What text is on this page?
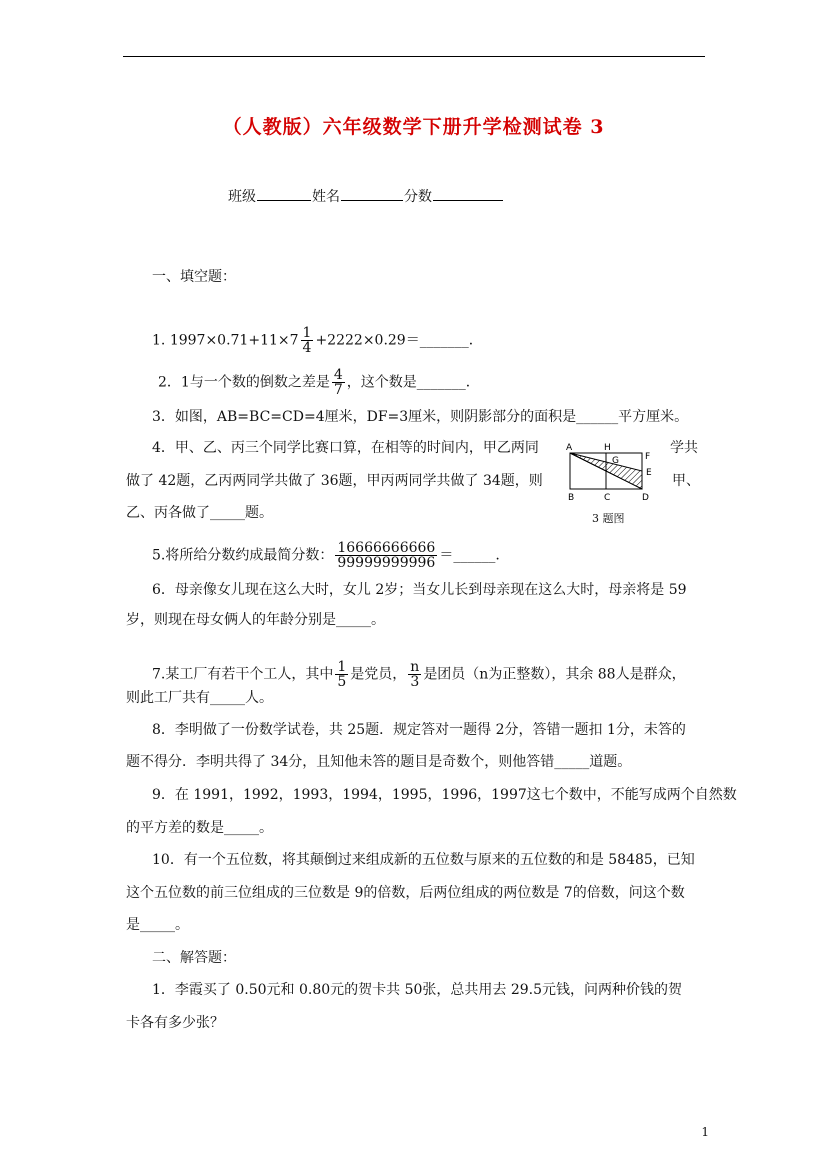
（人教版）六年级数学下册升学检测试卷 3
班级	姓名	分数
一、填空题：
1. $1997\times 0.71+11\times 7 \frac{1}{4}$ +2222×0.29＝_______．
2．1与一个数的倒数之差是 $\frac{4}{7}$ ，这个数是_______．
3．如图，AB=BC=CD=4厘米，DF=3厘米，则阴影部分的面积是______平方厘米。
4．甲、乙、丙三个同学比赛口算，在相等的时间内，甲乙两同	学共
做了 42题，乙丙两同学共做了 36题，甲丙两同学共做了 34题，则	甲、
乙、丙各做了_____题。
A	H
G	F
E
B	C	D
3 题图
5.将所给分数约成最简分数： $\frac{16666666666}{99999999996}$ ＝______.
6．母亲像女儿现在这么大时，女儿 2岁；当女儿长到母亲现在这么大时，母亲将是 59
岁，则现在母女俩人的年龄分别是_____。
7.某工厂有若干个工人，其中 $\frac{1}{5}$ 是党员， $\frac{n}{3}$ 是团员（n为正整数），其余 88人是群众，
则此工厂共有_____人。
8．李明做了一份数学试卷，共 25题．规定答对一题得 2分，答错一题扣 1分，未答的
题不得分．李明共得了 34分，且知他未答的题目是奇数个，则他答错_____道题。
9．在 1991，1992，1993，1994，1995，1996，1997这七个数中，不能写成两个自然数
的平方差的数是_____。
10．有一个五位数，将其颠倒过来组成新的五位数与原来的五位数的和是 58485，已知
这个五位数的前三位组成的三位数是 9的倍数，后两位组成的两位数是 7的倍数，问这个数
是_____。
二、解答题：
1．李霞买了 0.50元和 0.80元的贺卡共 50张，总共用去 29.5元钱，问两种价钱的贺
卡各有多少张？
1
